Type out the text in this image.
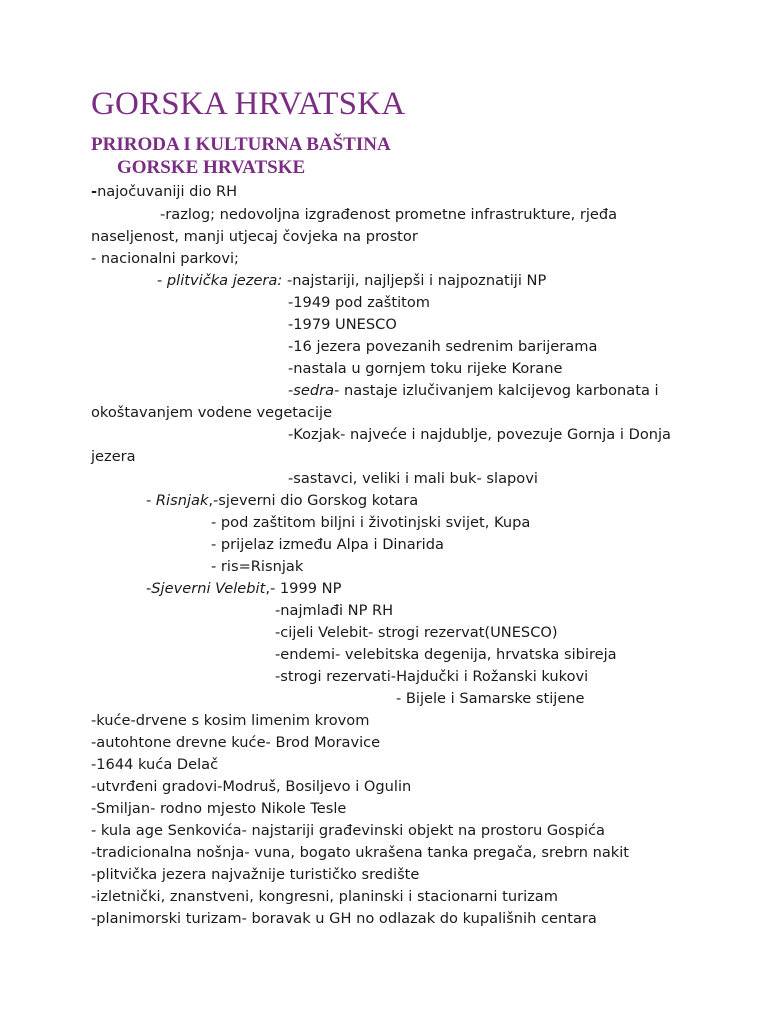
GORSKA HRVATSKA
PRIRODA I KULTURNA BAŠTINA
GORSKE HRVATSKE
-najočuvaniji dio RH
-razlog; nedovoljna izgrađenost prometne infrastrukture, rjeđa
naseljenost, manji utjecaj čovjeka na prostor
- nacionalni parkovi;
- plitvička jezera: -najstariji, najljepši i najpoznatiji NP
-1949 pod zaštitom
-1979 UNESCO
-16 jezera povezanih sedrenim barijerama
-nastala u gornjem toku rijeke Korane
-sedra- nastaje izlučivanjem kalcijevog karbonata i
okoštavanjem vodene vegetacije
-Kozjak- najveće i najdublje, povezuje Gornja i Donja
jezera
-sastavci, veliki i mali buk- slapovi
- Risnjak,-sjeverni dio Gorskog kotara
- pod zaštitom biljni i životinjski svijet, Kupa
- prijelaz između Alpa i Dinarida
- ris=Risnjak
-Sjeverni Velebit,- 1999 NP
-najmlađi NP RH
-cijeli Velebit- strogi rezervat(UNESCO)
-endemi- velebitska degenija, hrvatska sibireja
-strogi rezervati-Hajdučki i Rožanski kukovi
- Bijele i Samarske stijene
-kuće-drvene s kosim limenim krovom
-autohtone drevne kuće- Brod Moravice
-1644 kuća Delač
-utvrđeni gradovi-Modruš, Bosiljevo i Ogulin
-Smiljan- rodno mjesto Nikole Tesle
- kula age Senkovića- najstariji građevinski objekt na prostoru Gospića
-tradicionalna nošnja- vuna, bogato ukrašena tanka pregača, srebrn nakit
-plitvička jezera najvažnije turističko središte
-izletnički, znanstveni, kongresni, planinski i stacionarni turizam
-planimorski turizam- boravak u GH no odlazak do kupališnih centara
